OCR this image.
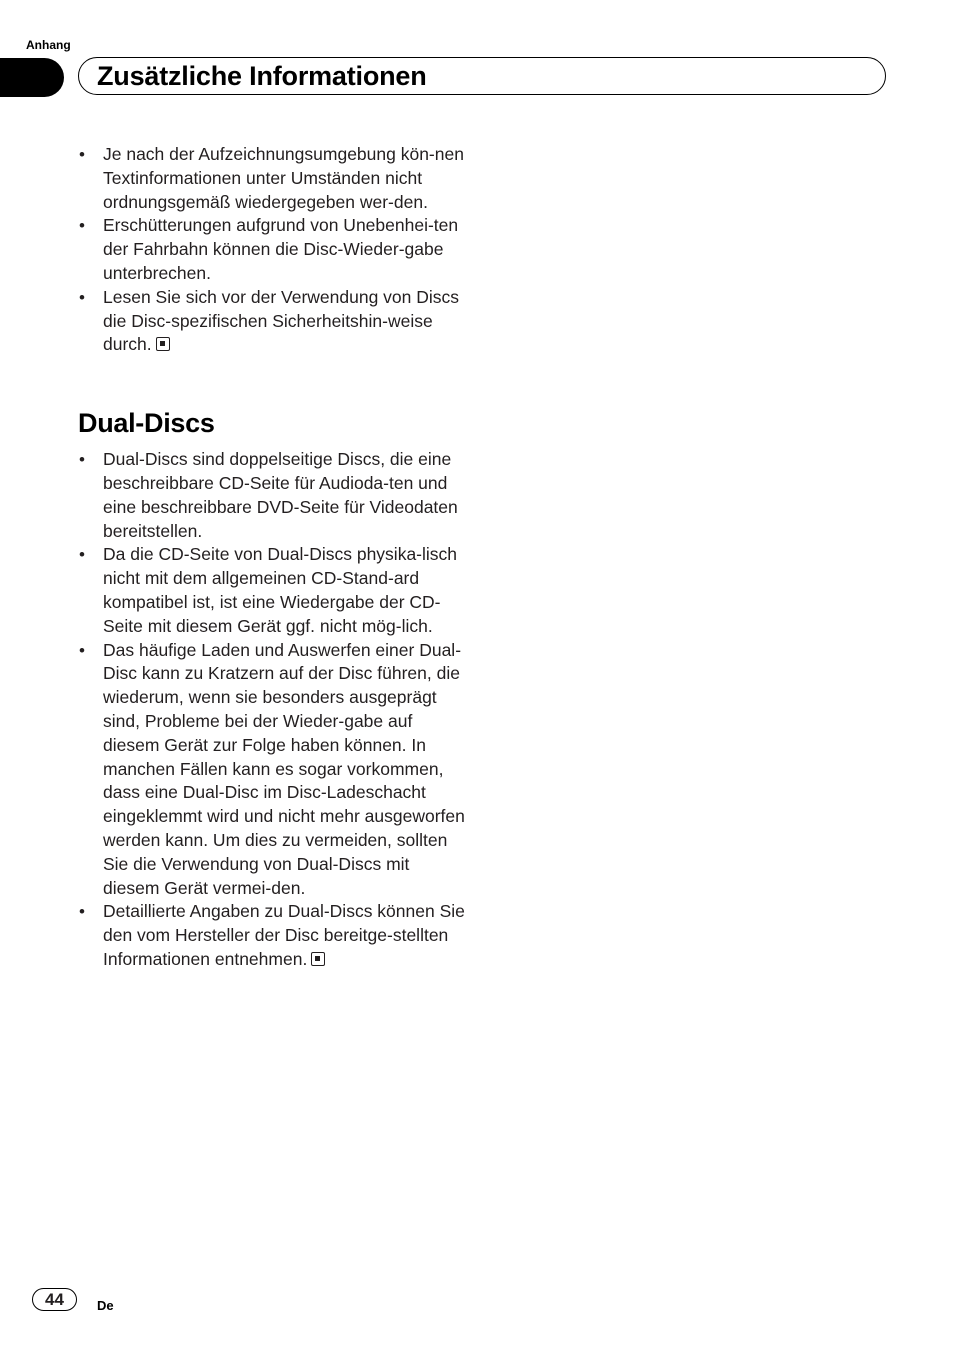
Anhang
Zusätzliche Informationen
• Je nach der Aufzeichnungsumgebung kön-nen Textinformationen unter Umständen nicht ordnungsgemäß wiedergegeben wer-den.
• Erschütterungen aufgrund von Unebenhei-ten der Fahrbahn können die Disc-Wieder-gabe unterbrechen.
• Lesen Sie sich vor der Verwendung von Discs die Disc-spezifischen Sicherheitshin-weise durch.
Dual-Discs
• Dual-Discs sind doppelseitige Discs, die eine beschreibbare CD-Seite für Audioda-ten und eine beschreibbare DVD-Seite für Videodaten bereitstellen.
• Da die CD-Seite von Dual-Discs physika-lisch nicht mit dem allgemeinen CD-Stand-ard kompatibel ist, ist eine Wiedergabe der CD-Seite mit diesem Gerät ggf. nicht mög-lich.
• Das häufige Laden und Auswerfen einer Dual-Disc kann zu Kratzern auf der Disc führen, die wiederum, wenn sie besonders ausgeprägt sind, Probleme bei der Wieder-gabe auf diesem Gerät zur Folge haben können. In manchen Fällen kann es sogar vorkommen, dass eine Dual-Disc im Disc-Ladeschacht eingeklemmt wird und nicht mehr ausgeworfen werden kann. Um dies zu vermeiden, sollten Sie die Verwendung von Dual-Discs mit diesem Gerät vermei-den.
• Detaillierte Angaben zu Dual-Discs können Sie den vom Hersteller der Disc bereitge-stellten Informationen entnehmen.
44	De
